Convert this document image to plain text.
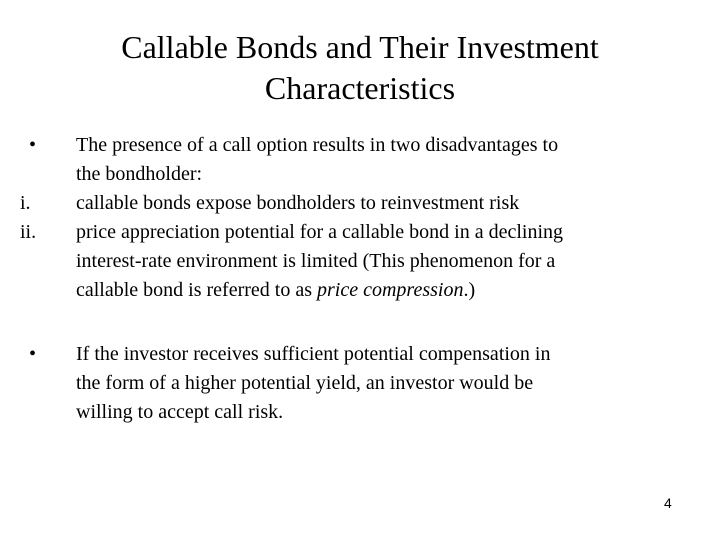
Callable Bonds and Their Investment
Characteristics
• The presence of a call option results in two disadvantages to
the bondholder:
i. callable bonds expose bondholders to reinvestment risk
ii. price appreciation potential for a callable bond in a declining
interest-rate environment is limited (This phenomenon for a
callable bond is referred to as price compression.)
• If the investor receives sufficient potential compensation in
the form of a higher potential yield, an investor would be
willing to accept call risk.
4
